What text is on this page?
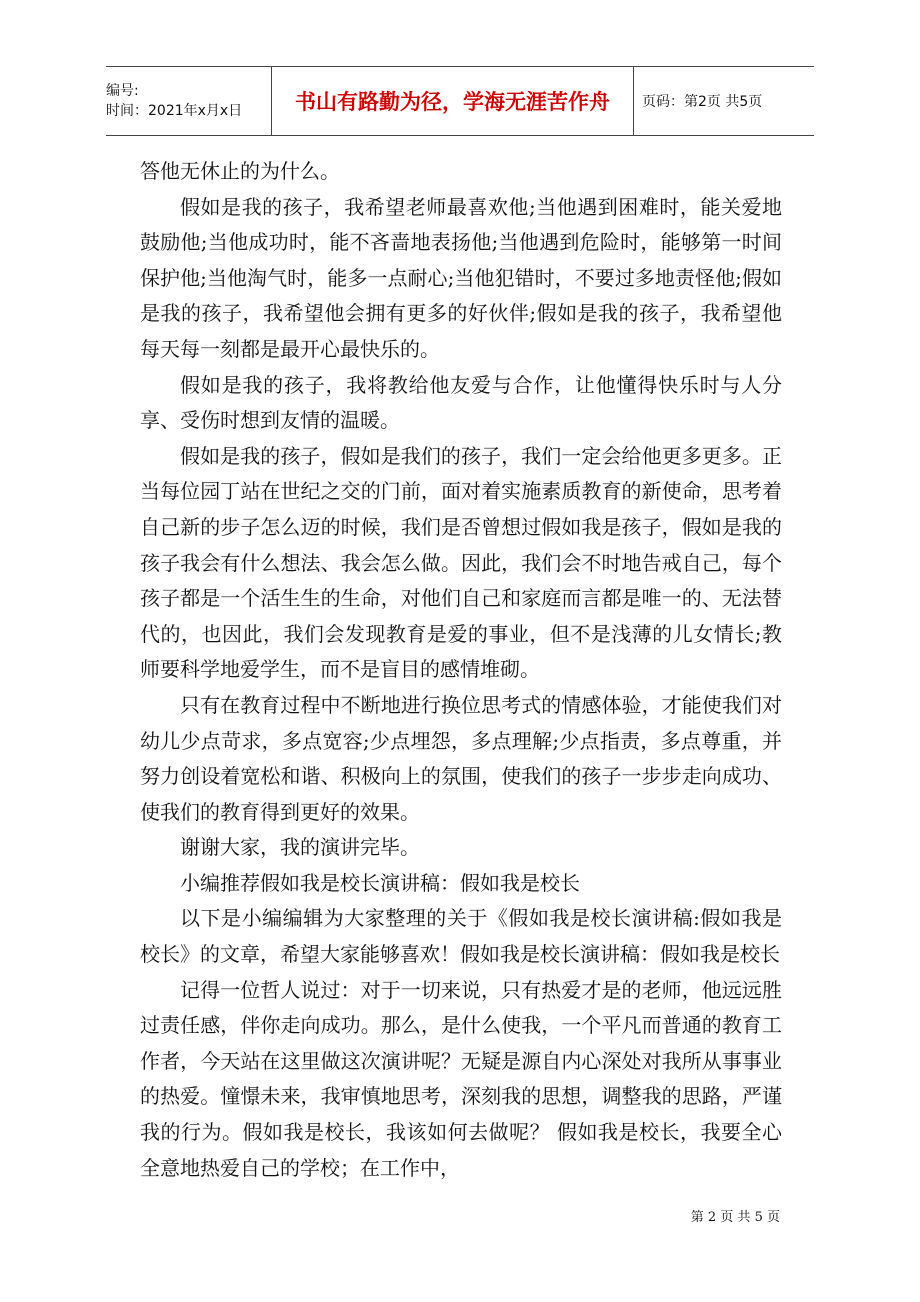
编号:
时间：2021年x月x日	书山有路勤为径，学海无涯苦作舟 页码：第2页 共5页

答他无休止的为什么。

假如是我的孩子，我希望老师最喜欢他;当他遇到困难时，能关爱地鼓励他;当他成功时，能不吝啬地表扬他;当他遇到危险时，能够第一时间保护他;当他淘气时，能多一点耐心;当他犯错时，不要过多地责怪他;假如是我的孩子，我希望他会拥有更多的好伙伴;假如是我的孩子，我希望他每天每一刻都是最开心最快乐的。

假如是我的孩子，我将教给他友爱与合作，让他懂得快乐时与人分享、受伤时想到友情的温暖。

假如是我的孩子，假如是我们的孩子，我们一定会给他更多更多。正当每位园丁站在世纪之交的门前，面对着实施素质教育的新使命，思考着自己新的步子怎么迈的时候，我们是否曾想过假如我是孩子，假如是我的孩子我会有什么想法、我会怎么做。因此，我们会不时地告戒自己，每个孩子都是一个活生生的生命，对他们自己和家庭而言都是唯一的、无法替代的，也因此，我们会发现教育是爱的事业，但不是浅薄的儿女情长;教师要科学地爱学生，而不是盲目的感情堆砌。

只有在教育过程中不断地进行换位思考式的情感体验，才能使我们对幼儿少点苛求，多点宽容;少点埋怨，多点理解;少点指责，多点尊重，并努力创设着宽松和谐、积极向上的氛围，使我们的孩子一步步走向成功、使我们的教育得到更好的效果。

谢谢大家，我的演讲完毕。

小编推荐假如我是校长演讲稿：假如我是校长

以下是小编编辑为大家整理的关于《假如我是校长演讲稿:假如我是校长》的文章，希望大家能够喜欢！假如我是校长演讲稿：假如我是校长

记得一位哲人说过：对于一切来说，只有热爱才是的老师，他远远胜过责任感，伴你走向成功。那么，是什么使我，一个平凡而普通的教育工作者，今天站在这里做这次演讲呢？无疑是源自内心深处对我所从事事业的热爱。憧憬未来，我审慎地思考，深刻我的思想，调整我的思路，严谨我的行为。假如我是校长，我该如何去做呢？ 假如我是校长，我要全心全意地热爱自己的学校；在工作中，

第 2 页 共 5 页
